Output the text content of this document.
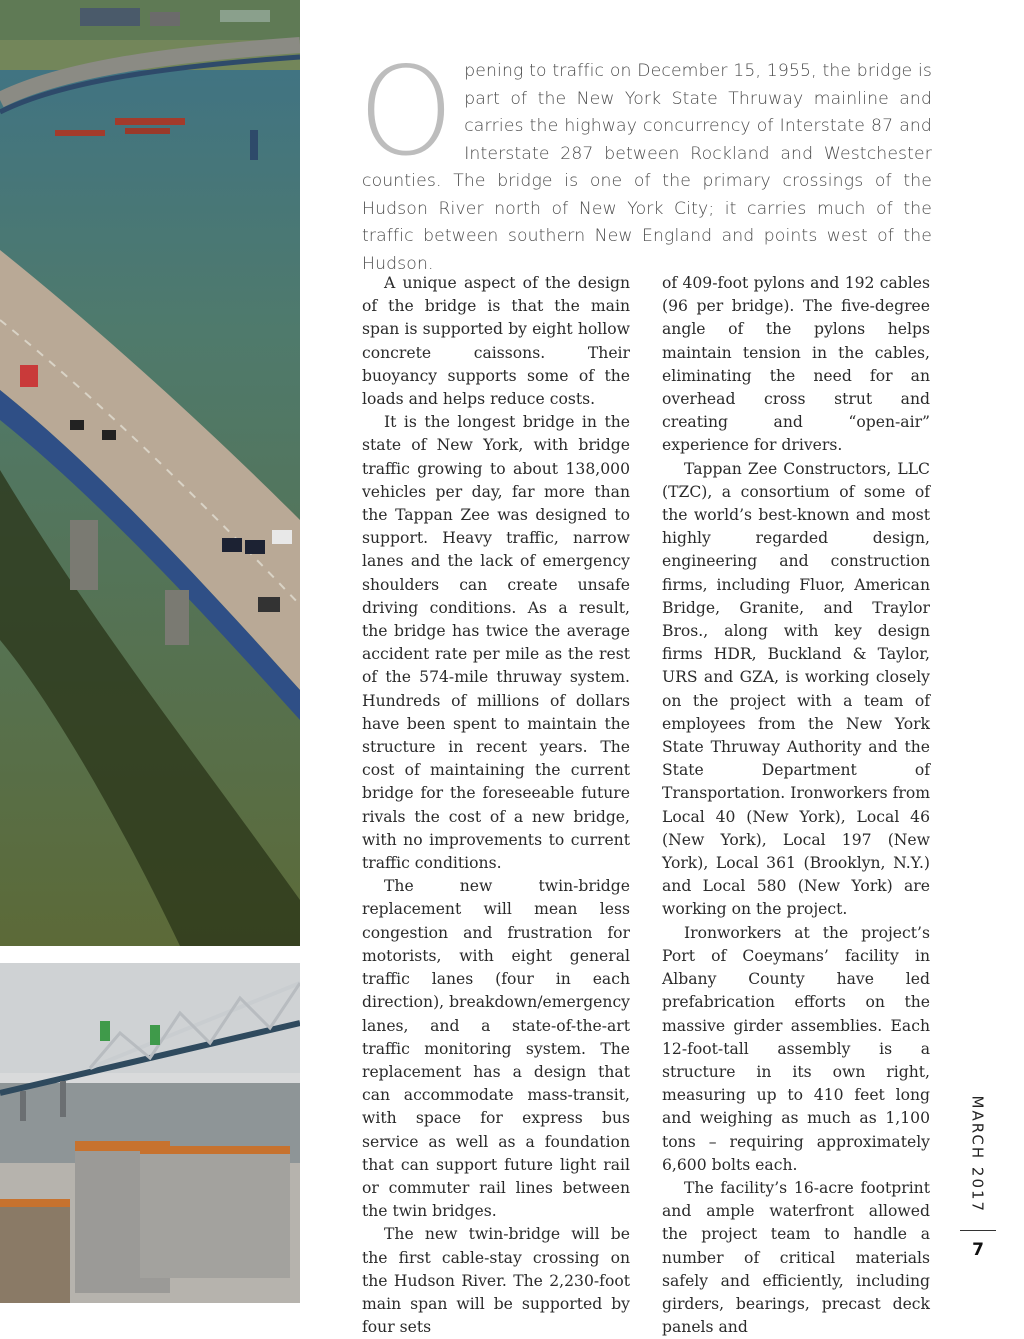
O pening to traffic on December 15, 1955, the bridge is part of the New York State Thruway mainline and carries the highway concurrency of Interstate 87 and Interstate 287 between Rockland and Westchester counties. The bridge is one of the primary crossings of the Hudson River north of New York City; it carries much of the traffic between southern New England and points west of the Hudson.

A unique aspect of the design of the bridge is that the main span is supported by eight hollow concrete caissons. Their buoyancy supports some of the loads and helps reduce costs.

It is the longest bridge in the state of New York, with bridge traffic growing to about 138,000 vehicles per day, far more than the Tappan Zee was designed to support. Heavy traffic, narrow lanes and the lack of emergency shoulders can create unsafe driving conditions. As a result, the bridge has twice the average accident rate per mile as the rest of the 574-mile thruway system. Hundreds of millions of dollars have been spent to maintain the structure in recent years. The cost of maintaining the current bridge for the foreseeable future rivals the cost of a new bridge, with no improvements to current traffic conditions.

The new twin-bridge replacement will mean less congestion and frustration for motorists, with eight general traffic lanes (four in each direction), breakdown/emergency lanes, and a state-of-the-art traffic monitoring system. The replacement has a design that can accommodate mass-transit, with space for express bus service as well as a foundation that can support future light rail or commuter rail lines between the twin bridges.

The new twin-bridge will be the first cable-stay crossing on the Hudson River. The 2,230-foot main span will be supported by four sets

of 409-foot pylons and 192 cables (96 per bridge). The five-degree angle of the pylons helps maintain tension in the cables, eliminating the need for an overhead cross strut and creating and “open-air” experience for drivers.

Tappan Zee Constructors, LLC (TZC), a consortium of some of the world’s best-known and most highly regarded design, engineering and construction firms, including Fluor, American Bridge, Granite, and Traylor Bros., along with key design firms HDR, Buckland & Taylor, URS and GZA, is working closely on the project with a team of employees from the New York State Thruway Authority and the State Department of Transportation. Ironworkers from Local 40 (New York), Local 46 (New York), Local 197 (New York), Local 361 (Brooklyn, N.Y.) and Local 580 (New York) are working on the project.

Ironworkers at the project’s Port of Coeymans’ facility in Albany County have led prefabrication efforts on the massive girder assemblies. Each 12-foot-tall assembly is a structure in its own right, measuring up to 410 feet long and weighing as much as 1,100 tons – requiring approximately 6,600 bolts each.

The facility’s 16-acre footprint and ample waterfront allowed the project team to handle a number of critical materials safely and efficiently, including girders, bearings, precast deck panels and

MARCH 2017
7
